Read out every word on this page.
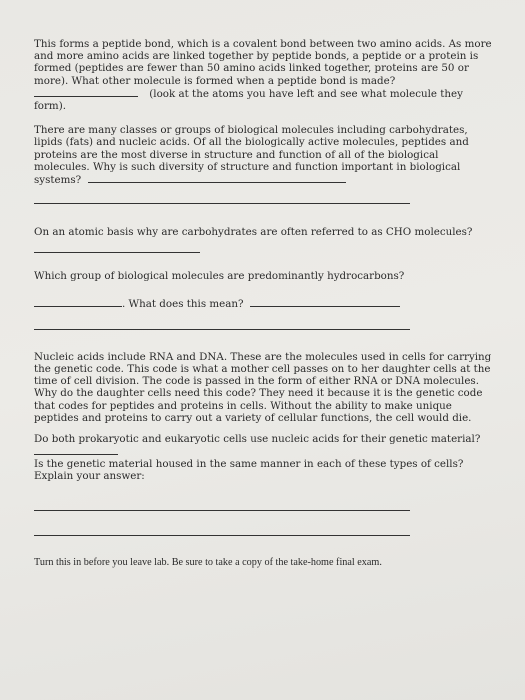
This forms a peptide bond, which is a covalent bond between two amino acids. As more and more amino acids are linked together by peptide bonds, a peptide or a protein is formed (peptides are fewer than 50 amino acids linked together, proteins are 50 or more). What other molecule is formed when a peptide bond is made?

(look at the atoms you have left and see what molecule they

form).

There are many classes or groups of biological molecules including carbohydrates, lipids (fats) and nucleic acids. Of all the biologically active molecules, peptides and proteins are the most diverse in structure and function of all of the biological molecules. Why is such diversity of structure and function important in biological systems?

On an atomic basis why are carbohydrates are often referred to as CHO molecules?

Which group of biological molecules are predominantly hydrocarbons?

. What does this mean?

Nucleic acids include RNA and DNA. These are the molecules used in cells for carrying the genetic code. This code is what a mother cell passes on to her daughter cells at the time of cell division. The code is passed in the form of either RNA or DNA molecules. Why do the daughter cells need this code? They need it because it is the genetic code that codes for peptides and proteins in cells. Without the ability to make unique peptides and proteins to carry out a variety of cellular functions, the cell would die.

Do both prokaryotic and eukaryotic cells use nucleic acids for their genetic material?

Is the genetic material housed in the same manner in each of these types of cells?

Explain your answer:

Turn this in before you leave lab. Be sure to take a copy of the take-home final exam.
